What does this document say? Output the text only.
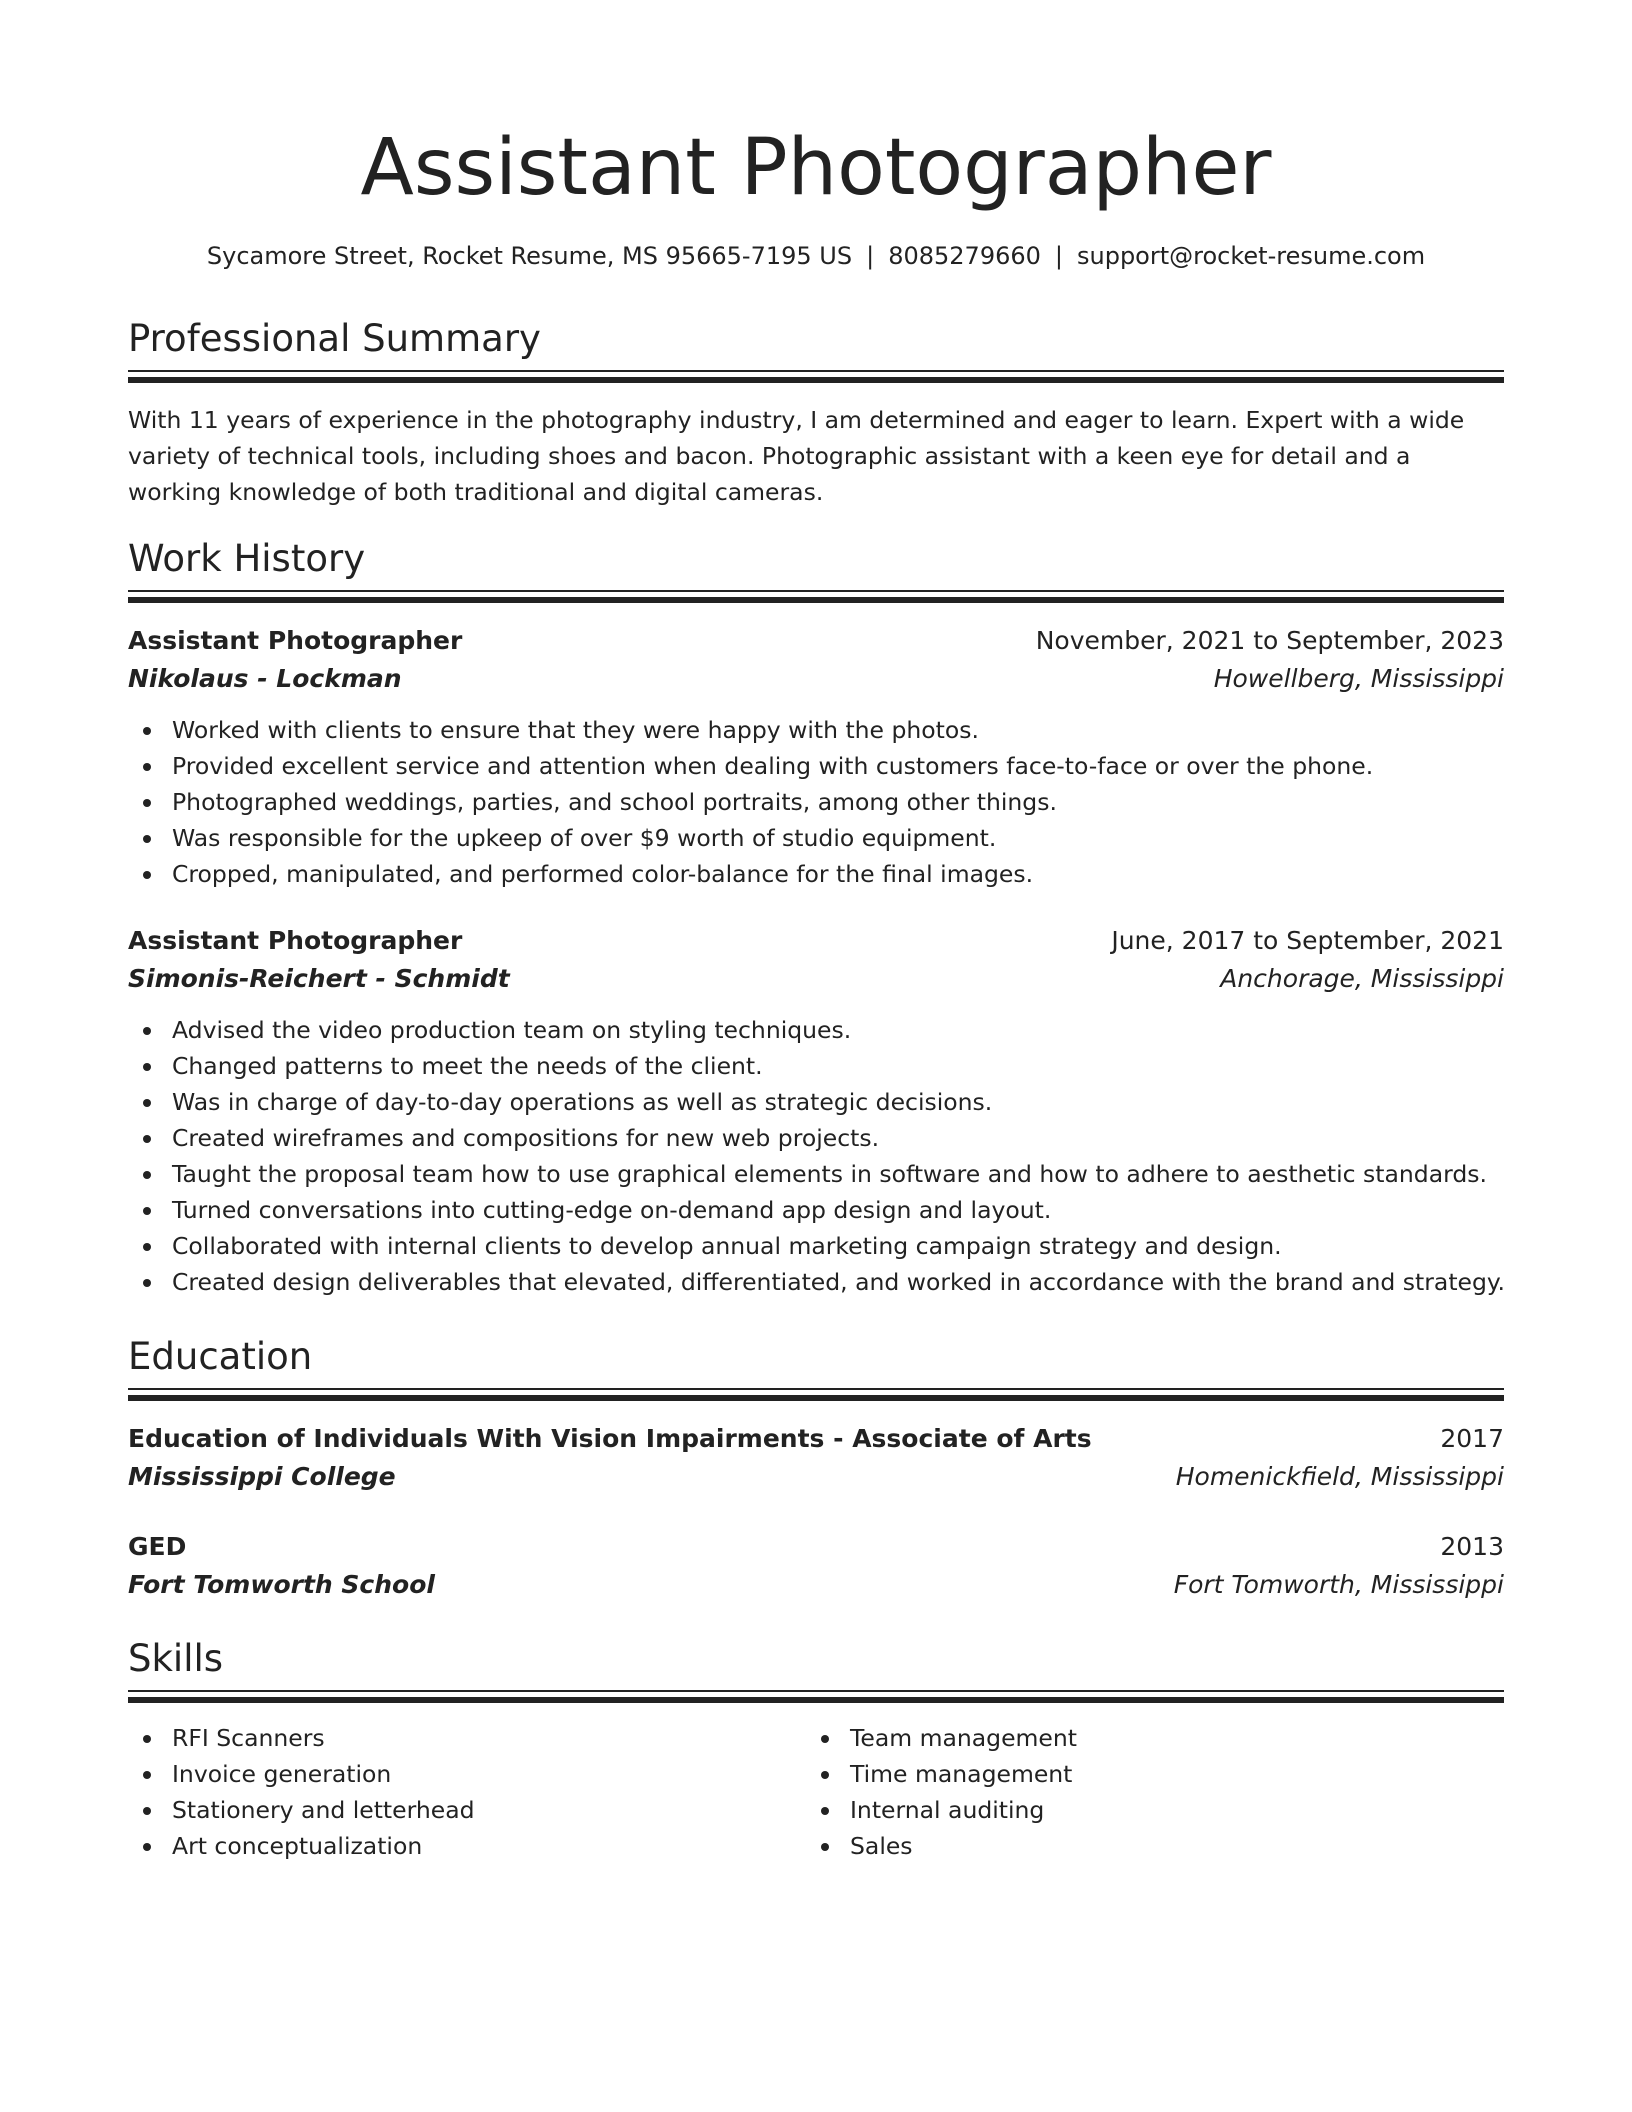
Assistant Photographer
Sycamore Street, Rocket Resume, MS 95665-7195 US | 8085279660 | support@rocket-resume.com
Professional Summary

With 11 years of experience in the photography industry, I am determined and eager to learn. Expert with a wide variety of technical tools, including shoes and bacon. Photographic assistant with a keen eye for detail and a working knowledge of both traditional and digital cameras.

Work History
Assistant Photographer	November, 2021 to September, 2023
Nikolaus - Lockman	Howellberg, Mississippi
Worked with clients to ensure that they were happy with the photos.
Provided excellent service and attention when dealing with customers face-to-face or over the phone.
Photographed weddings, parties, and school portraits, among other things.
Was responsible for the upkeep of over $9 worth of studio equipment.
Cropped, manipulated, and performed color-balance for the final images.
Assistant Photographer	June, 2017 to September, 2021
Simonis-Reichert - Schmidt	Anchorage, Mississippi
Advised the video production team on styling techniques.
Changed patterns to meet the needs of the client.
Was in charge of day-to-day operations as well as strategic decisions.
Created wireframes and compositions for new web projects.
Taught the proposal team how to use graphical elements in software and how to adhere to aesthetic standards.
Turned conversations into cutting-edge on-demand app design and layout.
Collaborated with internal clients to develop annual marketing campaign strategy and design.
Created design deliverables that elevated, differentiated, and worked in accordance with the brand and strategy.
Education
Education of Individuals With Vision Impairments - Associate of Arts	2017
Mississippi College	Homenickfield, Mississippi
GED	2013
Fort Tomworth School	Fort Tomworth, Mississippi
Skills
RFI Scanners
Invoice generation
Stationery and letterhead
Art conceptualization
Team management
Time management
Internal auditing
Sales
